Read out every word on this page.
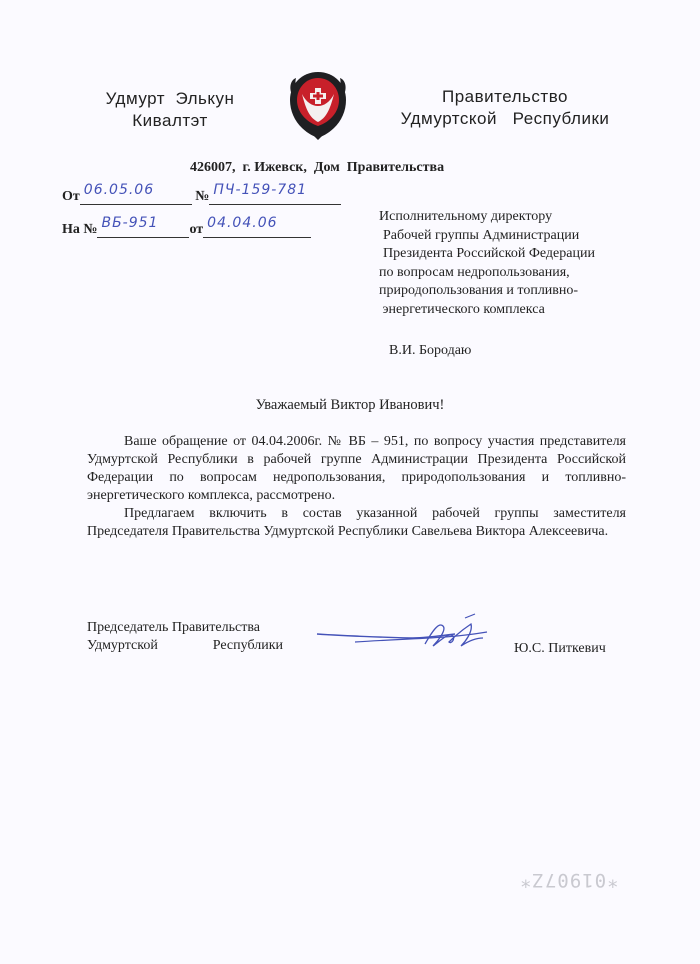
Удмурт  Элькун
Кивалтэт
Правительство
Удмуртской   Республики
426007,  г. Ижевск,  Дом  Правительства
От 06.05.06	№ ПЧ-159-781
На № ВБ-951 от 04.04.06	Исполнительному директору
Рабочей группы Администрации
Президента Российской Федерации
по вопросам недропользования,
природопользования и топливно-
энергетического комплекса
В.И. Бородаю
Уважаемый Виктор Иванович!

Ваше обращение от 04.04.2006г. № ВБ – 951, по вопросу участия представителя Удмуртской Республики в рабочей группе Администрации Президента Российской Федерации по вопросам недропользования, природопользования и топливно-энергетического комплекса, рассмотрено.

Предлагаем включить в состав указанной рабочей группы заместителя Председателя Правительства Удмуртской Республики Савельева Виктора Алексеевича.

Председатель Правительства
Удмуртской	Республики	Ю.С. Питкевич
*01907Z*
